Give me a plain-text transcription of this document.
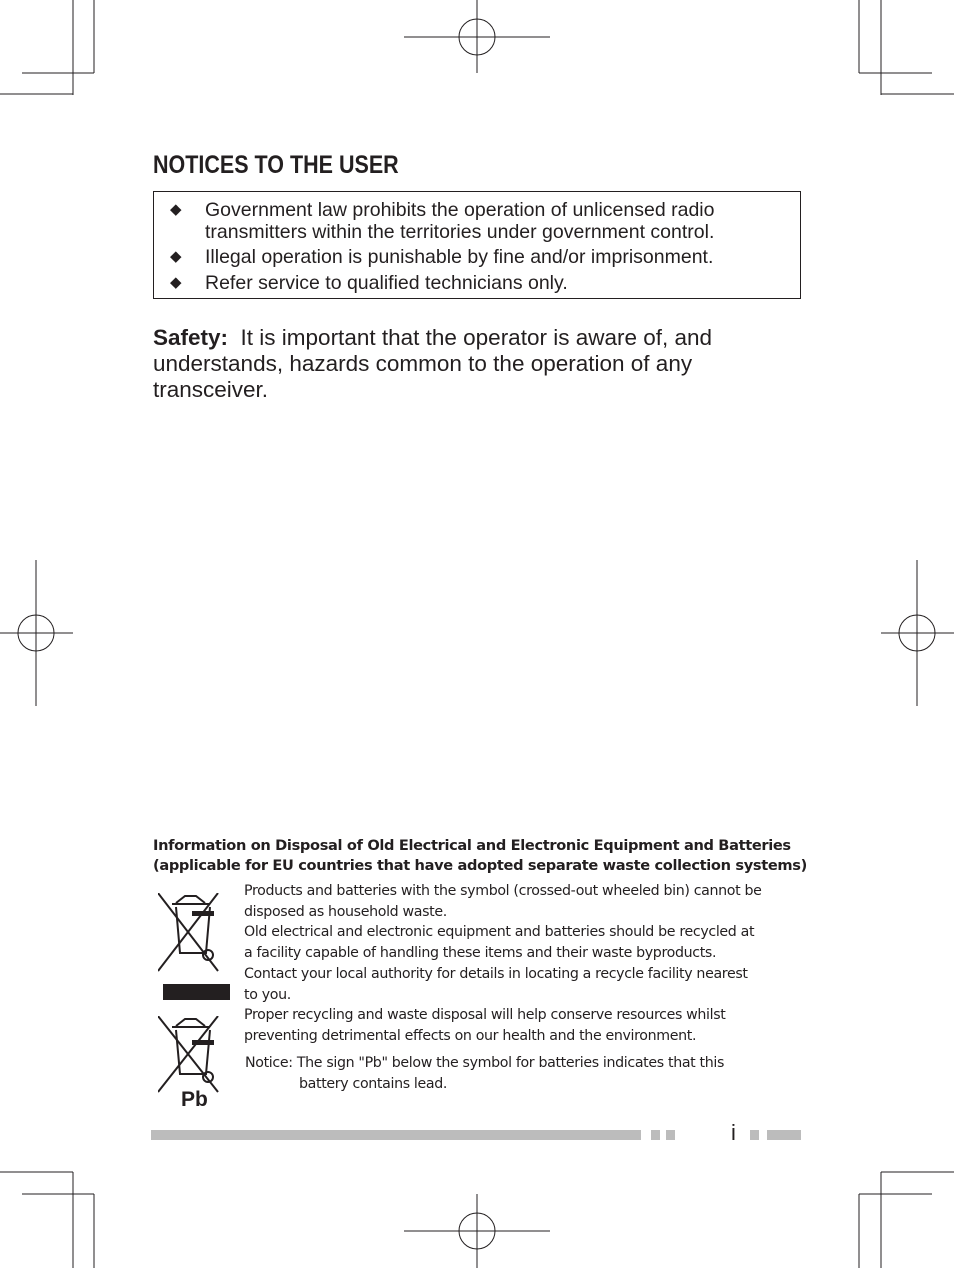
NOTICES TO THE USER
◆ Government law prohibits the operation of unlicensed radio
transmitters within the territories under government control.
◆ Illegal operation is punishable by fine and/or imprisonment.
◆ Refer service to qualified technicians only.
Safety: It is important that the operator is aware of, and understands, hazards common to the operation of any transceiver.
Information on Disposal of Old Electrical and Electronic Equipment and Batteries
(applicable for EU countries that have adopted separate waste collection systems)
Pb
Products and batteries with the symbol (crossed-out wheeled bin) cannot be
disposed as household waste.
Old electrical and electronic equipment and batteries should be recycled at
a facility capable of handling these items and their waste byproducts.
Contact your local authority for details in locating a recycle facility nearest
to you.
Proper recycling and waste disposal will help conserve resources whilst
preventing detrimental effects on our health and the environment.
Notice: The sign "Pb" below the symbol for batteries indicates that this
battery contains lead.
i
